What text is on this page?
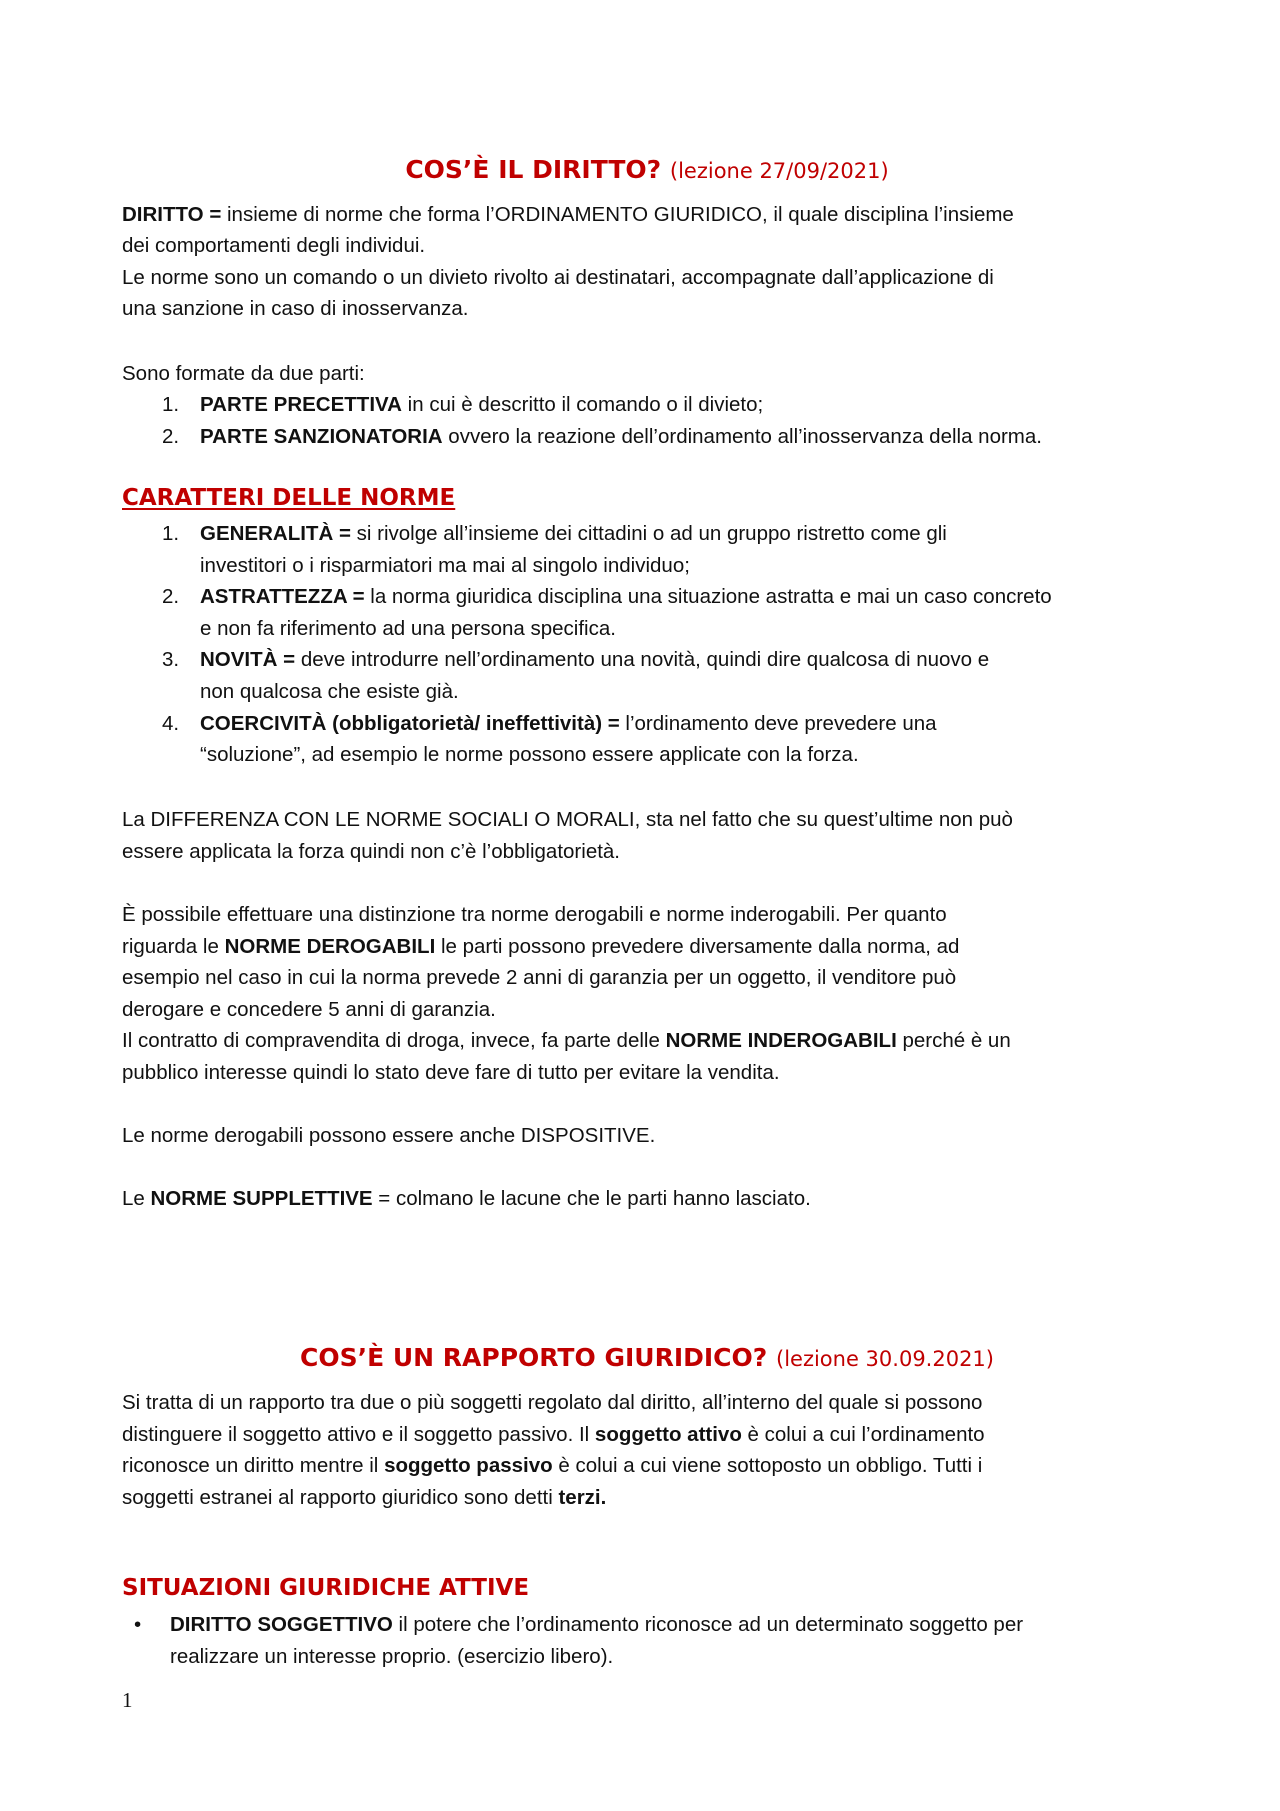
COS’È IL DIRITTO? (lezione 27/09/2021)
DIRITTO = insieme di norme che forma l’ORDINAMENTO GIURIDICO, il quale disciplina l’insieme
dei comportamenti degli individui.
Le norme sono un comando o un divieto rivolto ai destinatari, accompagnate dall’applicazione di
una sanzione in caso di inosservanza.
Sono formate da due parti:
1. PARTE PRECETTIVA in cui è descritto il comando o il divieto;
2. PARTE SANZIONATORIA ovvero la reazione dell’ordinamento all’inosservanza della norma.
CARATTERI DELLE NORME
1. GENERALITÀ = si rivolge all’insieme dei cittadini o ad un gruppo ristretto come gli
investitori o i risparmiatori ma mai al singolo individuo;
2. ASTRATTEZZA = la norma giuridica disciplina una situazione astratta e mai un caso concreto
e non fa riferimento ad una persona specifica.
3. NOVITÀ = deve introdurre nell’ordinamento una novità, quindi dire qualcosa di nuovo e
non qualcosa che esiste già.
4. COERCIVITÀ (obbligatorietà/ ineffettività) = l’ordinamento deve prevedere una
“soluzione”, ad esempio le norme possono essere applicate con la forza.
La DIFFERENZA CON LE NORME SOCIALI O MORALI, sta nel fatto che su quest’ultime non può
essere applicata la forza quindi non c’è l’obbligatorietà.
È possibile effettuare una distinzione tra norme derogabili e norme inderogabili. Per quanto
riguarda le NORME DEROGABILI le parti possono prevedere diversamente dalla norma, ad
esempio nel caso in cui la norma prevede 2 anni di garanzia per un oggetto, il venditore può
derogare e concedere 5 anni di garanzia.
Il contratto di compravendita di droga, invece, fa parte delle NORME INDEROGABILI perché è un
pubblico interesse quindi lo stato deve fare di tutto per evitare la vendita.
Le norme derogabili possono essere anche DISPOSITIVE.
Le NORME SUPPLETTIVE = colmano le lacune che le parti hanno lasciato.
COS’È UN RAPPORTO GIURIDICO? (lezione 30.09.2021)
Si tratta di un rapporto tra due o più soggetti regolato dal diritto, all’interno del quale si possono
distinguere il soggetto attivo e il soggetto passivo. Il soggetto attivo è colui a cui l’ordinamento
riconosce un diritto mentre il soggetto passivo è colui a cui viene sottoposto un obbligo. Tutti i
soggetti estranei al rapporto giuridico sono detti terzi.
SITUAZIONI GIURIDICHE ATTIVE
• DIRITTO SOGGETTIVO il potere che l’ordinamento riconosce ad un determinato soggetto per
realizzare un interesse proprio. (esercizio libero).
1
